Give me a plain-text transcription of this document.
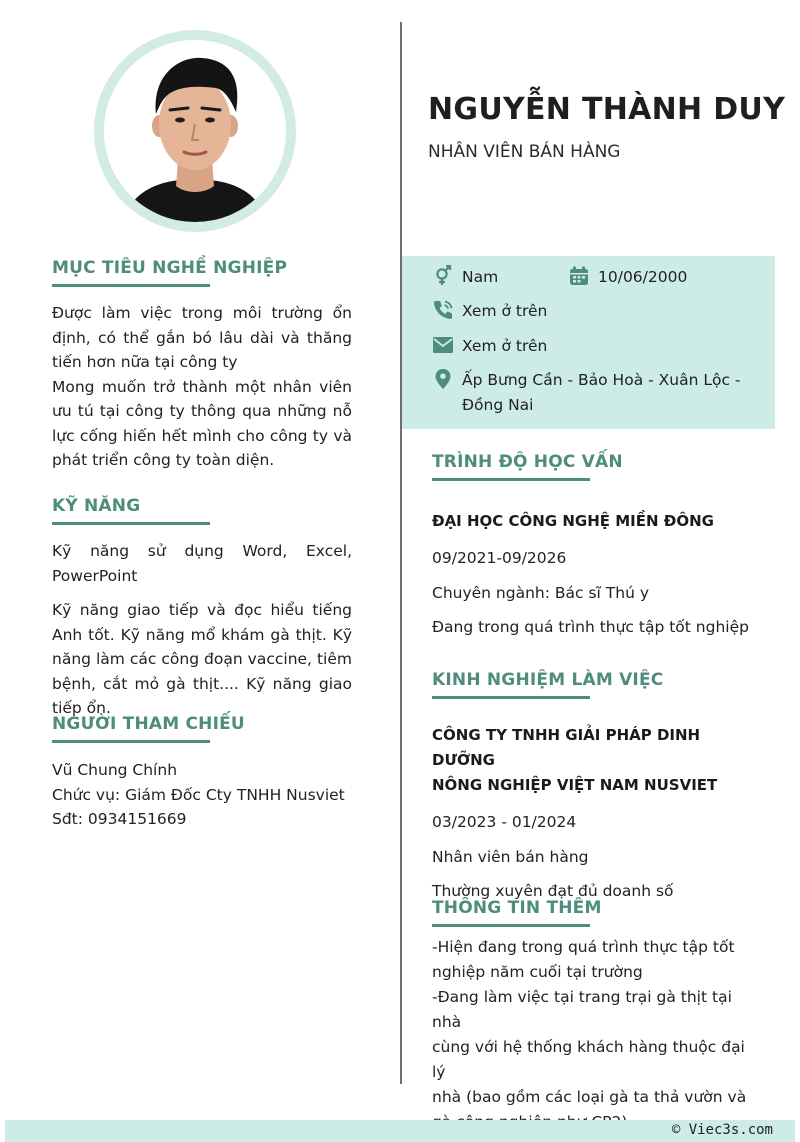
NGUYỄN THÀNH DUY
NHÂN VIÊN BÁN HÀNG
Nam	10/06/2000
Xem ở trên
Xem ở trên
Ấp Bưng Cần - Bảo Hoà - Xuân Lộc -
Đồng Nai
MỤC TIÊU NGHỀ NGHIỆP

Được làm việc trong môi trường ổn định, có thể gắn bó lâu dài và thăng tiến hơn nữa tại công ty

Mong muốn trở thành một nhân viên ưu tú tại công ty thông qua những nỗ lực cống hiến hết mình cho công ty và phát triển công ty toàn diện.

KỸ NĂNG

Kỹ năng sử dụng Word, Excel, PowerPoint

Kỹ năng giao tiếp và đọc hiểu tiếng Anh tốt. Kỹ năng mổ khám gà thịt. Kỹ năng làm các công đoạn vaccine, tiêm bệnh, cắt mỏ gà thịt.... Kỹ năng giao tiếp ổn.

NGƯỜI THAM CHIẾU
Vũ Chung Chính
Chức vụ: Giám Đốc Cty TNHH Nusviet
Sđt: 0934151669
TRÌNH ĐỘ HỌC VẤN
ĐẠI HỌC CÔNG NGHỆ MIỀN ĐÔNG
09/2021-09/2026
Chuyên ngành: Bác sĩ Thú y
Đang trong quá trình thực tập tốt nghiệp
KINH NGHIỆM LÀM VIỆC
CÔNG TY TNHH GIẢI PHÁP DINH DƯỠNG
NÔNG NGHIỆP VIỆT NAM NUSVIET
03/2023 - 01/2024
Nhân viên bán hàng
Thường xuyên đạt đủ doanh số
THÔNG TIN THÊM
-Hiện đang trong quá trình thực tập tốt
nghiệp năm cuối tại trường
-Đang làm việc tại trang trại gà thịt tại nhà
cùng với hệ thống khách hàng thuộc đại lý
nhà (bao gồm các loại gà ta thả vườn và
© Viec3s.com
